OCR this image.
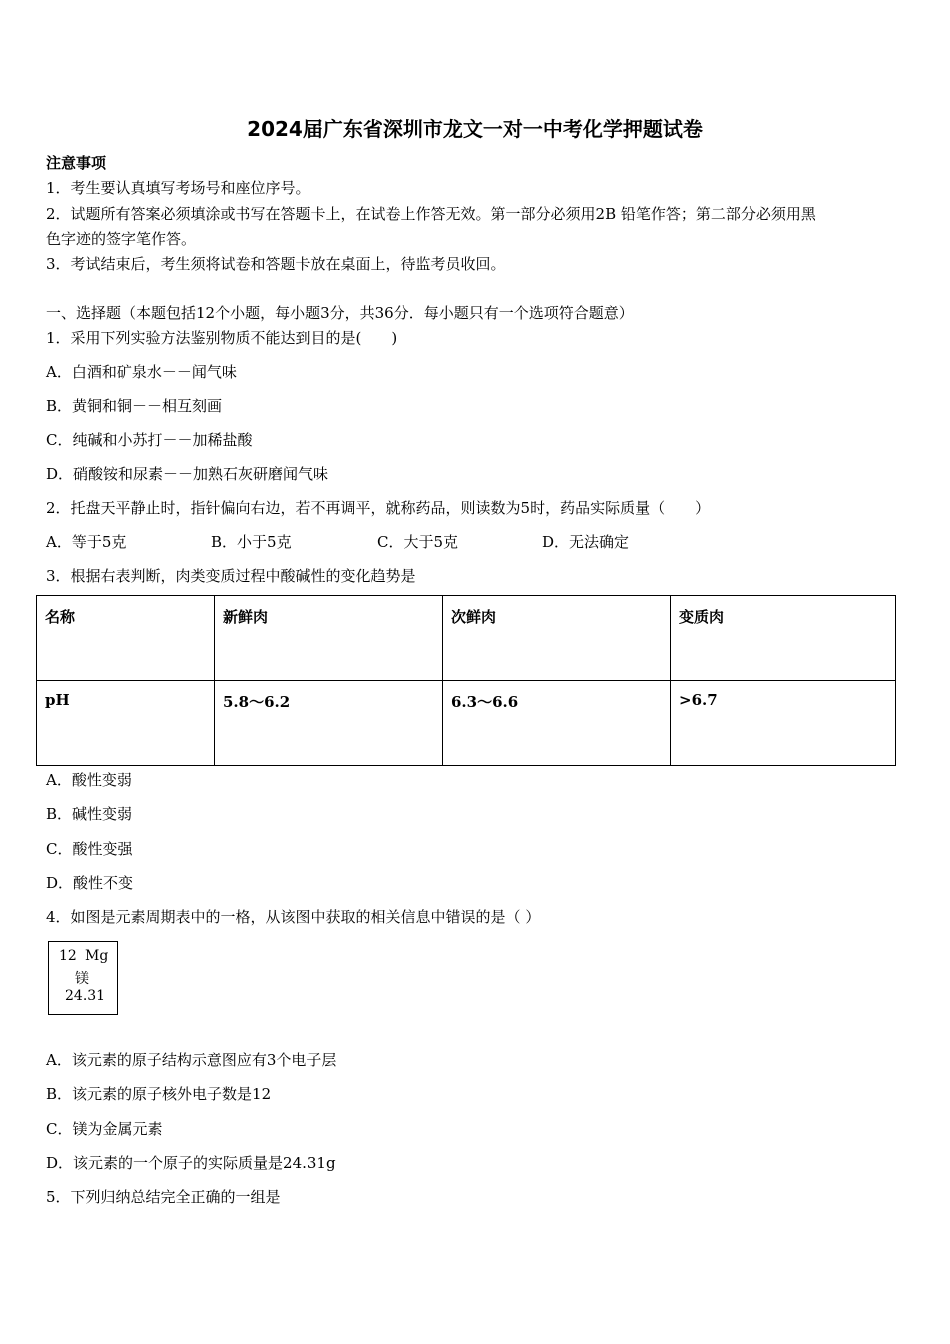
2024届广东省深圳市龙文一对一中考化学押题试卷
注意事项
1．考生要认真填写考场号和座位序号。
2．试题所有答案必须填涂或书写在答题卡上，在试卷上作答无效。第一部分必须用2B 铅笔作答；第二部分必须用黑
色字迹的签字笔作答。
3．考试结束后，考生须将试卷和答题卡放在桌面上，待监考员收回。
一、选择题（本题包括12个小题，每小题3分，共36分．每小题只有一个选项符合题意）
1．采用下列实验方法鉴别物质不能达到目的是(　　)
A．白酒和矿泉水－－闻气味
B．黄铜和铜－－相互刻画
C．纯碱和小苏打－－加稀盐酸
D．硝酸铵和尿素－－加熟石灰研磨闻气味
2．托盘天平静止时，指针偏向右边，若不再调平，就称药品，则读数为5时，药品实际质量（　　）
A．等于5克	B．小于5克	C．大于5克	D．无法确定
3．根据右表判断，肉类变质过程中酸碱性的变化趋势是
名称	新鲜肉	次鲜肉	变质肉
pH	5.8～6.2	6.3～6.6	>6.7
A．酸性变弱
B．碱性变弱
C．酸性变强
D．酸性不变
4．如图是元素周期表中的一格，从该图中获取的相关信息中错误的是（ ）
12 Mg
镁
24.31
A．该元素的原子结构示意图应有3个电子层
B．该元素的原子核外电子数是12
C．镁为金属元素
D．该元素的一个原子的实际质量是24.31g
5．下列归纳总结完全正确的一组是
